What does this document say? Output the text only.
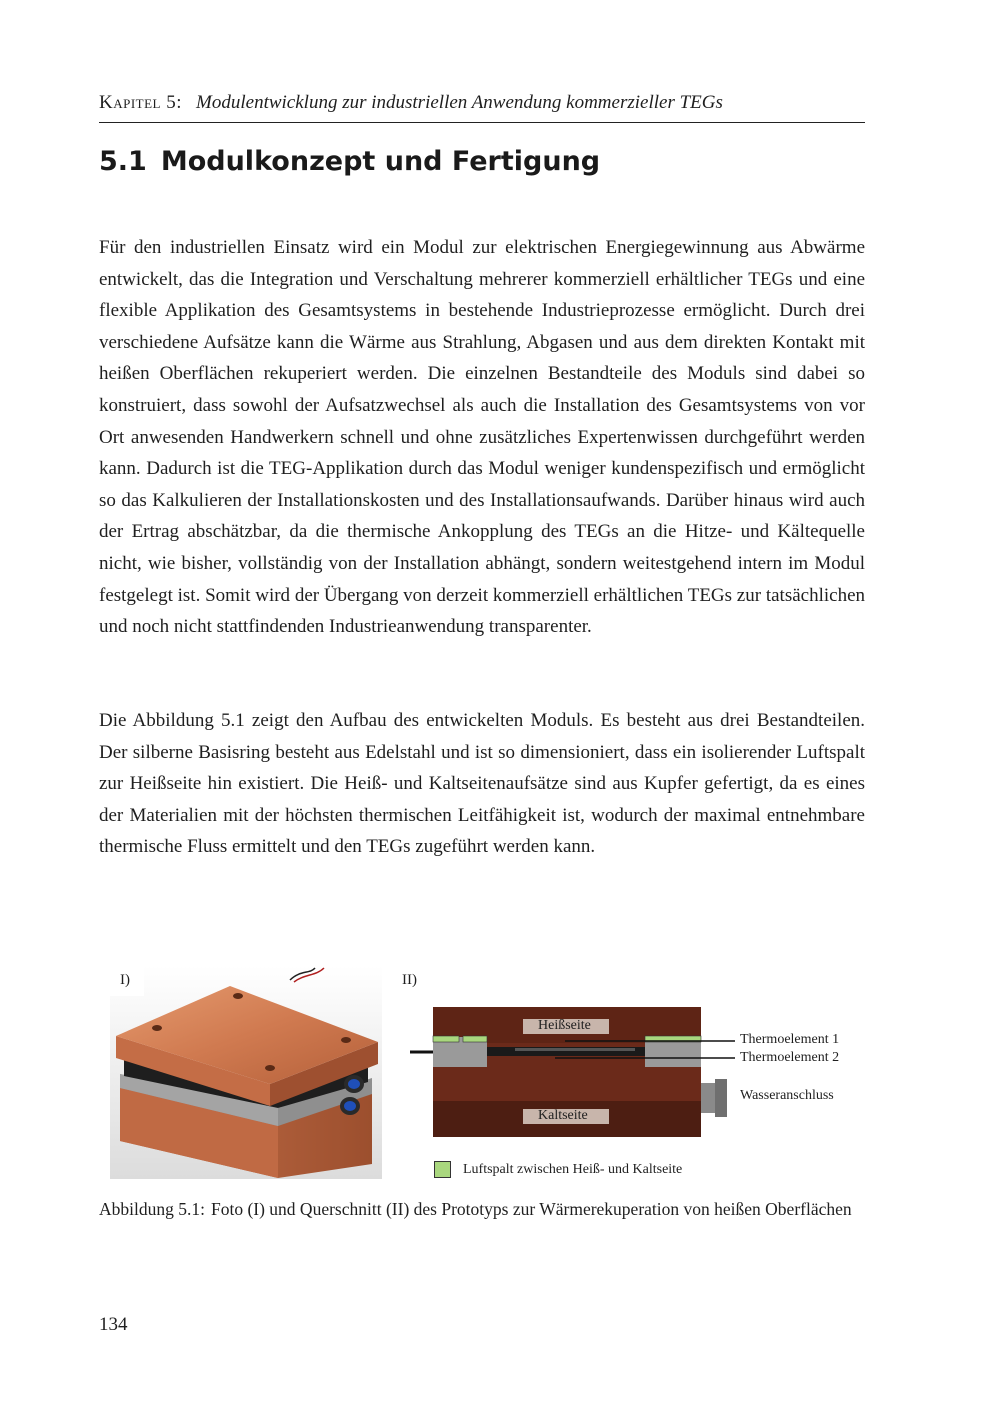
Kapitel 5: Modulentwicklung zur industriellen Anwendung kommerzieller TEGs
5.1 Modulkonzept und Fertigung

Für den industriellen Einsatz wird ein Modul zur elektrischen Energiegewinnung aus Abwärme entwickelt, das die Integration und Verschaltung mehrerer kommerziell erhältlicher TEGs und eine flexible Applikation des Gesamtsystems in bestehende Industrieprozesse ermöglicht. Durch drei verschiedene Aufsätze kann die Wärme aus Strahlung, Abgasen und aus dem direkten Kontakt mit heißen Oberflächen rekuperiert werden. Die einzelnen Bestandteile des Moduls sind dabei so konstruiert, dass sowohl der Aufsatzwechsel als auch die Installation des Gesamtsystems von vor Ort anwesenden Handwerkern schnell und ohne zusätzliches Expertenwissen durchgeführt werden kann. Dadurch ist die TEG-Applikation durch das Modul weniger kundenspezifisch und ermöglicht so das Kalkulieren der Installationskosten und des Installationsaufwands. Darüber hinaus wird auch der Ertrag abschätzbar, da die thermische Ankopplung des TEGs an die Hitze- und Kältequelle nicht, wie bisher, vollständig von der Installation abhängt, sondern weitestgehend intern im Modul festgelegt ist. Somit wird der Übergang von derzeit kommerziell erhältlichen TEGs zur tatsächlichen und noch nicht stattfindenden Industrieanwendung transparenter.

Die Abbildung 5.1 zeigt den Aufbau des entwickelten Moduls. Es besteht aus drei Bestandteilen. Der silberne Basisring besteht aus Edelstahl und ist so dimensioniert, dass ein isolierender Luftspalt zur Heißseite hin existiert. Die Heiß- und Kaltseitenaufsätze sind aus Kupfer gefertigt, da es eines der Materialien mit der höchsten thermischen Leitfähigkeit ist, wodurch der maximal entnehmbare thermische Fluss ermittelt und den TEGs zugeführt werden kann.

I)	II)
Heißseite
Kaltseite
Thermoelement 1
Thermoelement 2
Wasseranschluss
Luftspalt zwischen Heiß- und Kaltseite
Abbildung 5.1: Foto (I) und Querschnitt (II) des Prototyps zur Wärmerekuperation von heißen Oberflächen
134
